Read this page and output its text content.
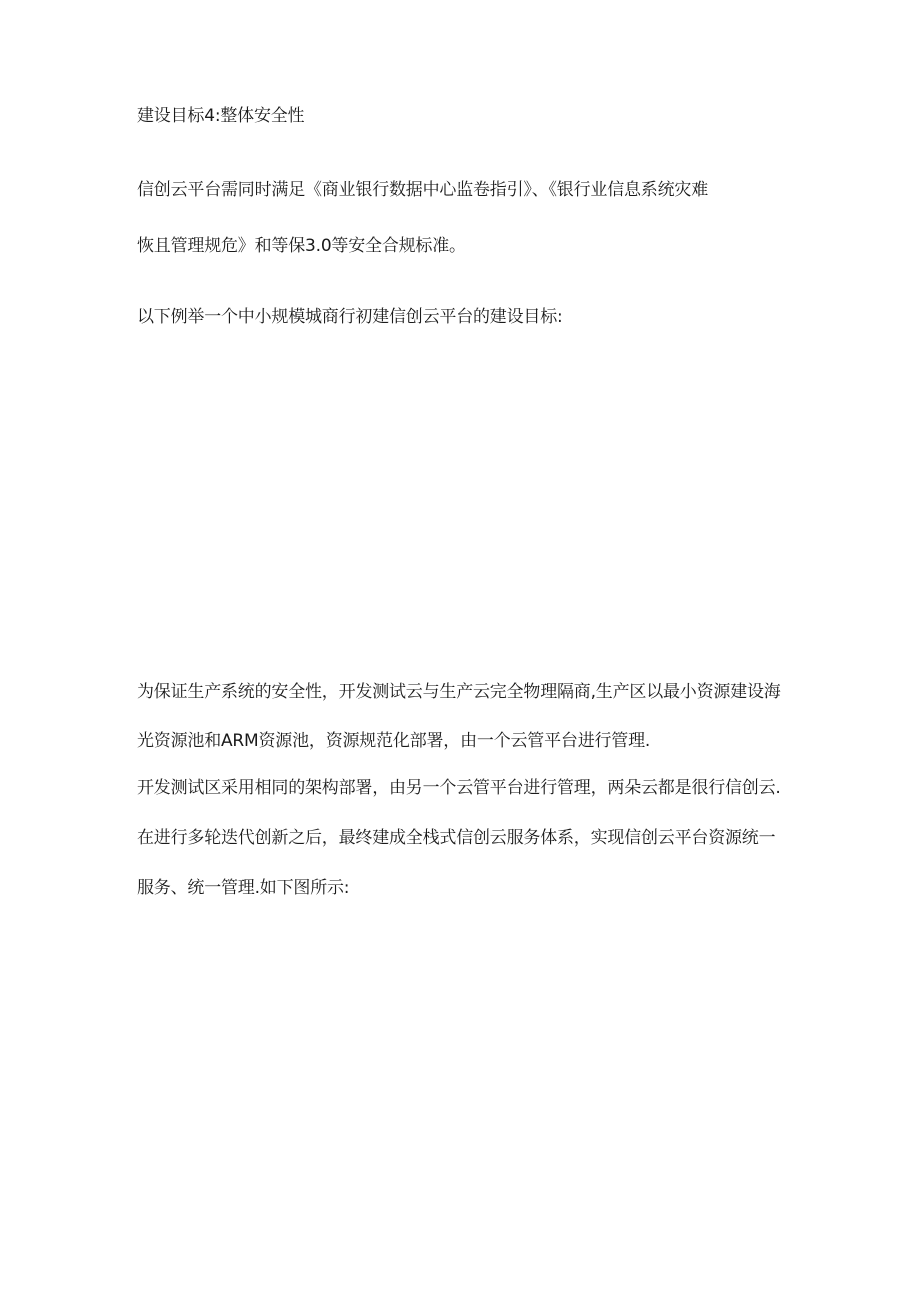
建设目标4:整体安全性

信创云平台需同时满足《商业银行数据中心监卷指引》、《银行业信息系统灾难

恢且管理规危》和等保3.0等安全合规标准。

以下例举一个中小规模城商行初建信创云平台的建设目标:

为保证生产系统的安全性，开发测试云与生产云完全物理隔商,生产区以最小资源建设海

光资源池和ARM资源池，资源规范化部署，由一个云管平台进行管理.

开发测试区采用相同的架构部署，由另一个云管平台进行管理，两朵云都是很行信创云.

在进行多轮迭代创新之后，最终建成全栈式信创云服务体系，实现信创云平台资源统一

服务、统一管理.如下图所示:
